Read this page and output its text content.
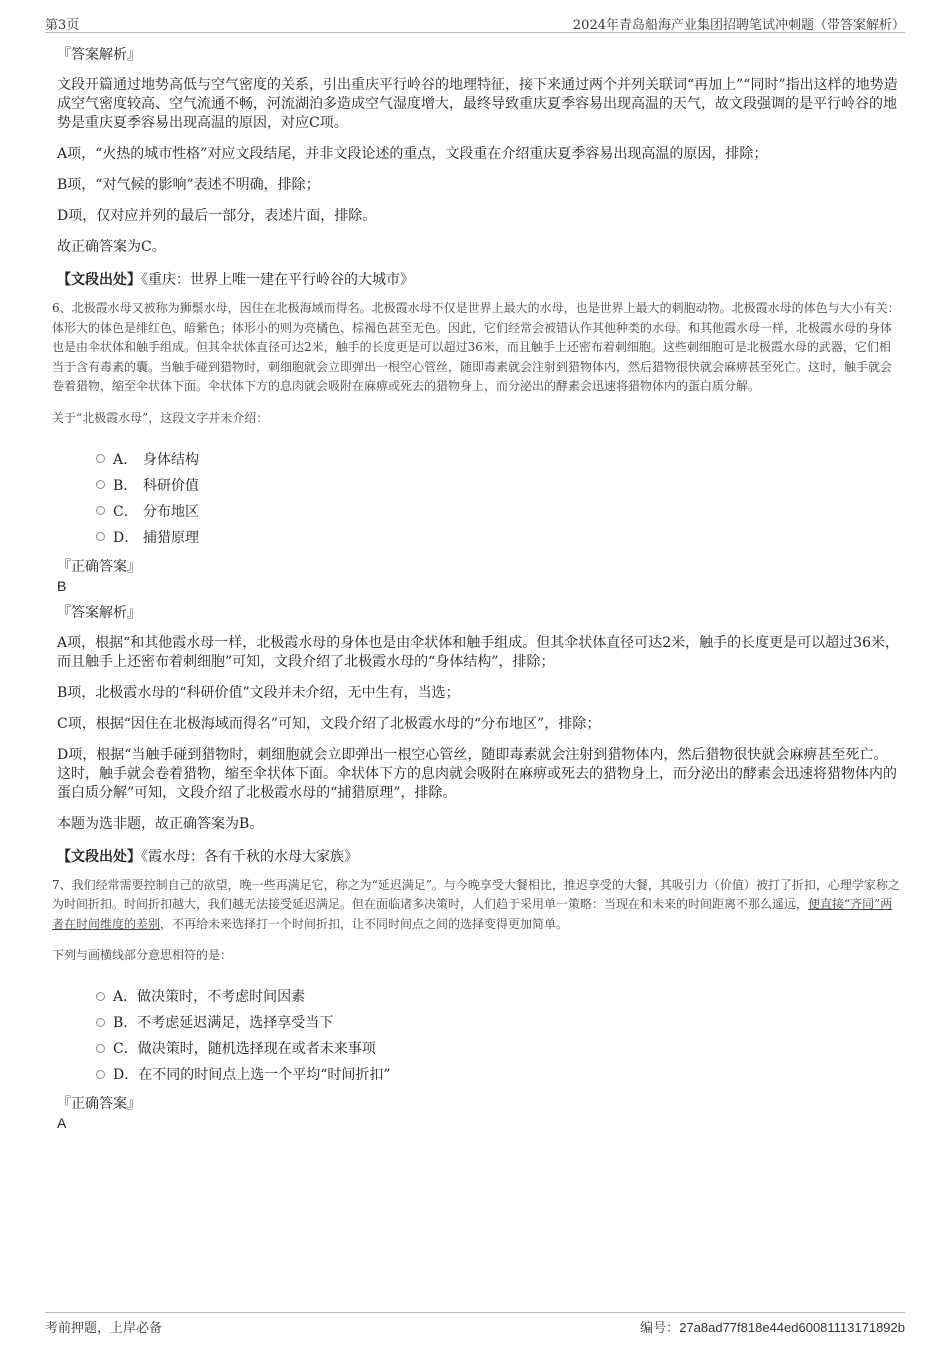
第3页	2024年青岛船海产业集团招聘笔试冲刺题（带答案解析）
『答案解析』

文段开篇通过地势高低与空气密度的关系，引出重庆平行岭谷的地理特征，接下来通过两个并列关联词“再加上”“同时”指出这样的地势造成空气密度较高、空气流通不畅，河流湖泊多造成空气湿度增大，最终导致重庆夏季容易出现高温的天气，故文段强调的是平行岭谷的地势是重庆夏季容易出现高温的原因，对应C项。

A项，“火热的城市性格”对应文段结尾，并非文段论述的重点，文段重在介绍重庆夏季容易出现高温的原因，排除；

B项，“对气候的影响”表述不明确，排除；

D项，仅对应并列的最后一部分，表述片面，排除。

故正确答案为C。

【文段出处】《重庆：世界上唯一建在平行岭谷的大城市》

6、北极霞水母又被称为狮鬃水母，因住在北极海域而得名。北极霞水母不仅是世界上最大的水母，也是世界上最大的刺胞动物。北极霞水母的体色与大小有关：体形大的体色是绯红色、暗紫色；体形小的则为亮橘色、棕褐色甚至无色。因此，它们经常会被错认作其他种类的水母。和其他霞水母一样，北极霞水母的身体也是由伞状体和触手组成。但其伞状体直径可达2米，触手的长度更是可以超过36米，而且触手上还密布着刺细胞。这些刺细胞可是北极霞水母的武器，它们相当于含有毒素的囊。当触手碰到猎物时，刺细胞就会立即弹出一根空心管丝，随即毒素就会注射到猎物体内，然后猎物很快就会麻痹甚至死亡。这时，触手就会卷着猎物，缩至伞状体下面。伞状体下方的息肉就会吸附在麻痹或死去的猎物身上，而分泌出的酵素会迅速将猎物体内的蛋白质分解。

关于“北极霞水母”，这段文字并未介绍：
A． 身体结构
B． 科研价值
C． 分布地区
D． 捕猎原理
『正确答案』
B
『答案解析』

A项，根据“和其他霞水母一样，北极霞水母的身体也是由伞状体和触手组成。但其伞状体直径可达2米，触手的长度更是可以超过36米，而且触手上还密布着刺细胞”可知，文段介绍了北极霞水母的“身体结构”，排除；

B项，北极霞水母的“科研价值”文段并未介绍，无中生有，当选；

C项，根据“因住在北极海域而得名”可知，文段介绍了北极霞水母的“分布地区”，排除；

D项，根据“当触手碰到猎物时，刺细胞就会立即弹出一根空心管丝，随即毒素就会注射到猎物体内，然后猎物很快就会麻痹甚至死亡。这时，触手就会卷着猎物，缩至伞状体下面。伞状体下方的息肉就会吸附在麻痹或死去的猎物身上，而分泌出的酵素会迅速将猎物体内的蛋白质分解”可知，文段介绍了北极霞水母的“捕猎原理”，排除。

本题为选非题，故正确答案为B。

【文段出处】《霞水母：各有千秋的水母大家族》

7、我们经常需要控制自己的欲望，晚一些再满足它，称之为“延迟满足”。与今晚享受大餐相比，推迟享受的大餐，其吸引力（价值）被打了折扣，心理学家称之为时间折扣。时间折扣越大，我们越无法接受延迟满足。但在面临诸多决策时，人们趋于采用单一策略：当现在和未来的时间距离不那么遥远，便直接“齐同”两者在时间维度的差别，不再给未来选择打一个时间折扣，让不同时间点之间的选择变得更加简单。

下列与画横线部分意思相符的是：
A． 做决策时，不考虑时间因素
B． 不考虑延迟满足，选择享受当下
C． 做决策时，随机选择现在或者未来事项
D． 在不同的时间点上选一个平均“时间折扣”
『正确答案』
A
考前押题，上岸必备	编号：27a8ad77f818e44ed60081113171892b
